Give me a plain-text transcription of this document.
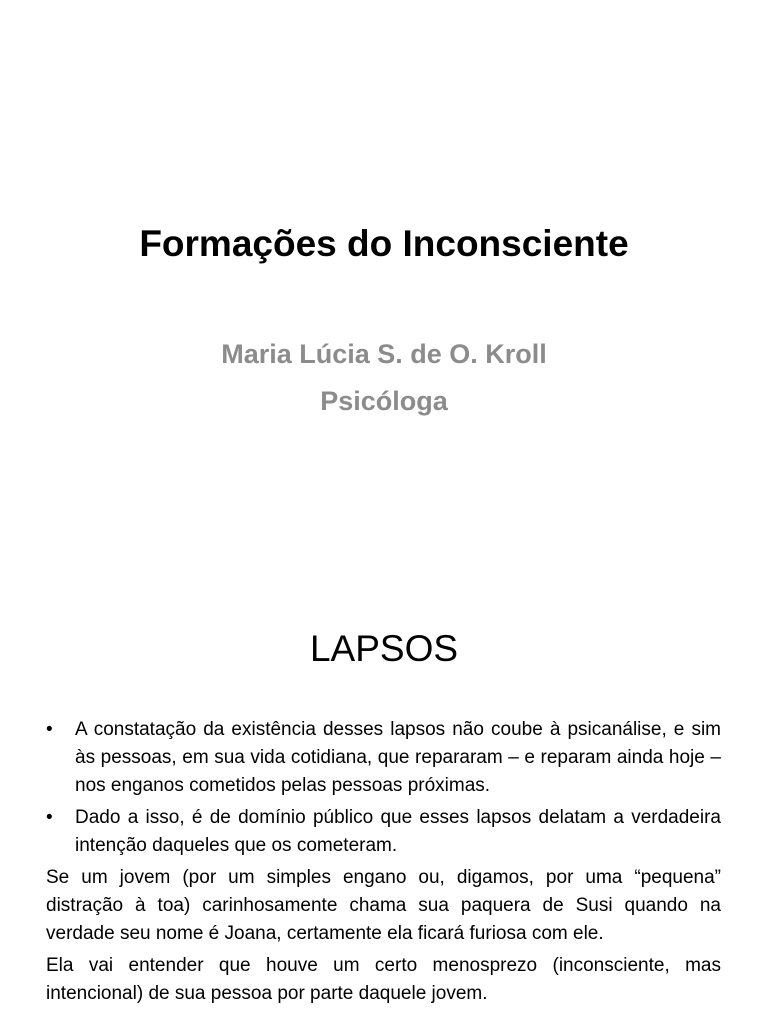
Formações do Inconsciente
Maria Lúcia S. de O. Kroll
Psicóloga
LAPSOS
• A constatação da existência desses lapsos não coube à psicanálise, e sim às pessoas, em sua vida cotidiana, que repararam – e reparam ainda hoje – nos enganos cometidos pelas pessoas próximas.
• Dado a isso, é de domínio público que esses lapsos delatam a verdadeira intenção daqueles que os cometeram.
Se um jovem (por um simples engano ou, digamos, por uma “pequena” distração à toa) carinhosamente chama sua paquera de Susi quando na verdade seu nome é Joana, certamente ela ficará furiosa com ele.
Ela vai entender que houve um certo menosprezo (inconsciente, mas intencional) de sua pessoa por parte daquele jovem.
